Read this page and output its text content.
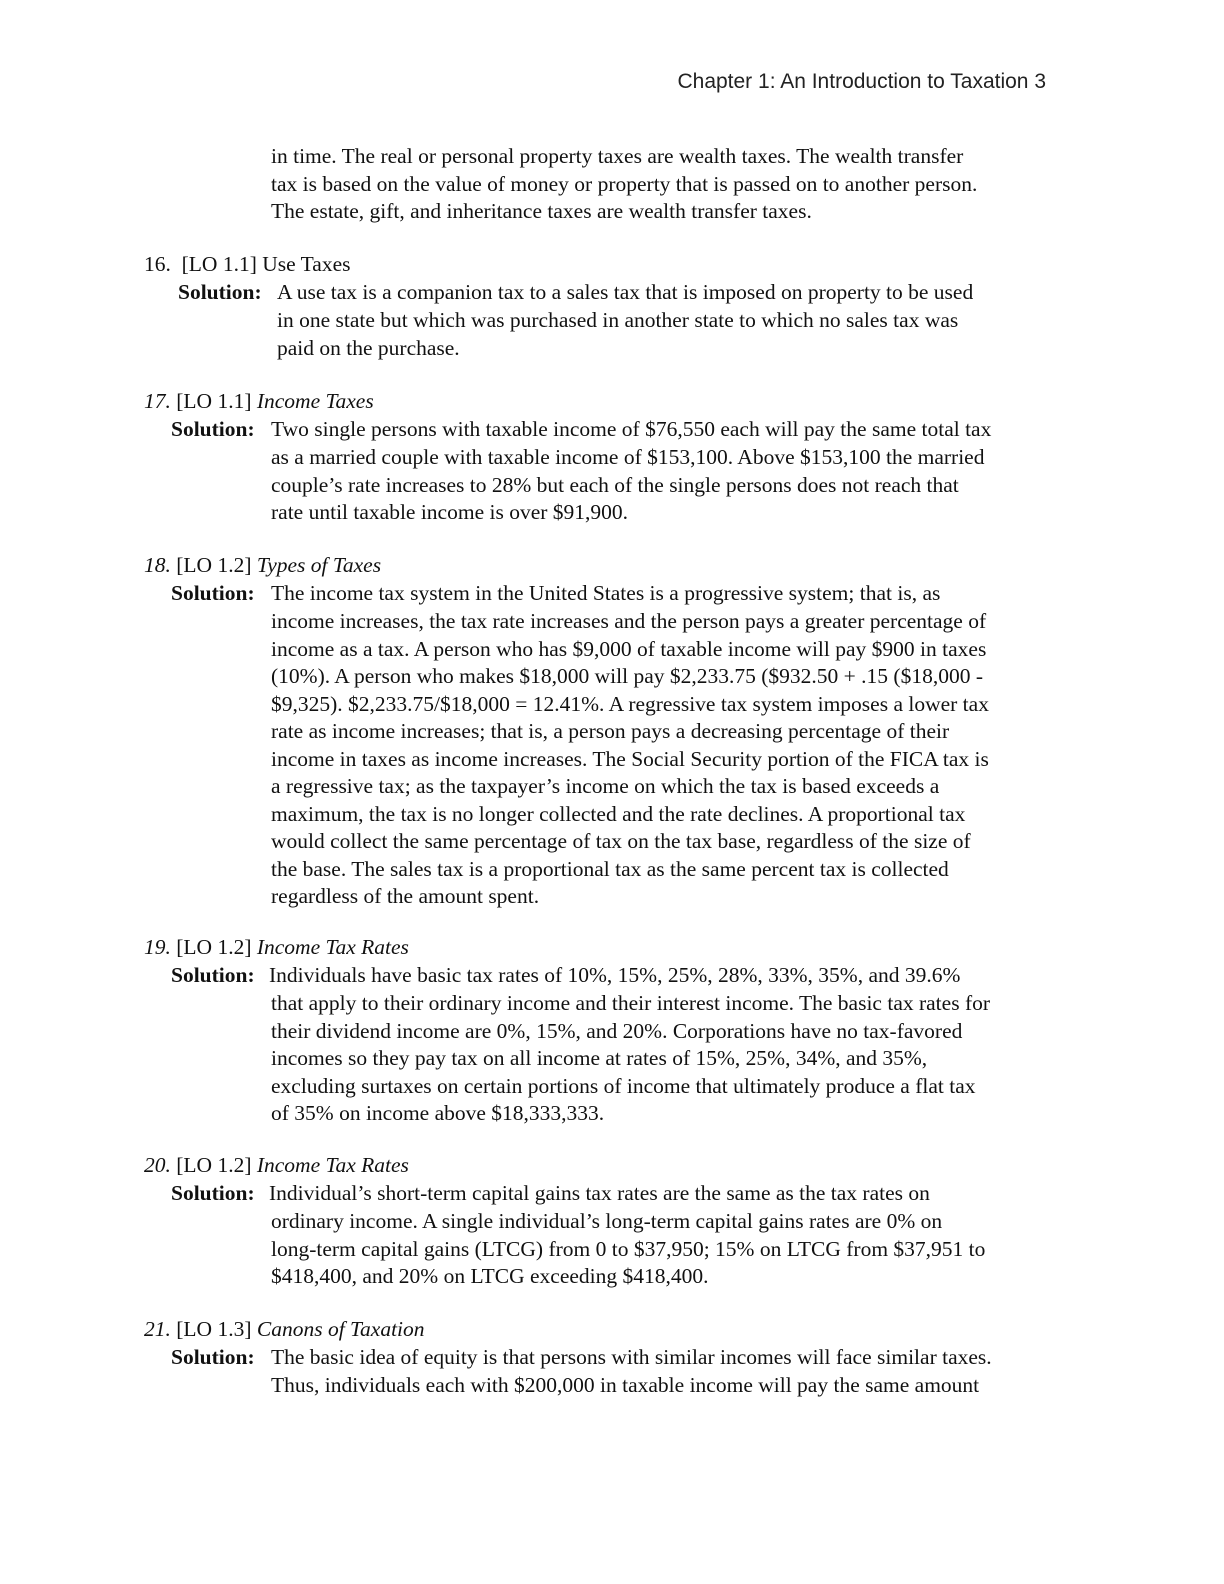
Chapter 1: An Introduction to Taxation 3
in time. The real or personal property taxes are wealth taxes. The wealth transfer
tax is based on the value of money or property that is passed on to another person.
The estate, gift, and inheritance taxes are wealth transfer taxes.
16. [LO 1.1] Use Taxes
Solution: A use tax is a companion tax to a sales tax that is imposed on property to be used
in one state but which was purchased in another state to which no sales tax was
paid on the purchase.
17. [LO 1.1] Income Taxes
Solution: Two single persons with taxable income of $76,550 each will pay the same total tax
as a married couple with taxable income of $153,100. Above $153,100 the married
couple’s rate increases to 28% but each of the single persons does not reach that
rate until taxable income is over $91,900.
18. [LO 1.2] Types of Taxes
Solution: The income tax system in the United States is a progressive system; that is, as
income increases, the tax rate increases and the person pays a greater percentage of
income as a tax. A person who has $9,000 of taxable income will pay $900 in taxes
(10%). A person who makes $18,000 will pay $2,233.75 ($932.50 + .15 ($18,000 -
$9,325). $2,233.75/$18,000 = 12.41%. A regressive tax system imposes a lower tax
rate as income increases; that is, a person pays a decreasing percentage of their
income in taxes as income increases. The Social Security portion of the FICA tax is
a regressive tax; as the taxpayer’s income on which the tax is based exceeds a
maximum, the tax is no longer collected and the rate declines. A proportional tax
would collect the same percentage of tax on the tax base, regardless of the size of
the base. The sales tax is a proportional tax as the same percent tax is collected
regardless of the amount spent.
19. [LO 1.2] Income Tax Rates
Solution: Individuals have basic tax rates of 10%, 15%, 25%, 28%, 33%, 35%, and 39.6%
that apply to their ordinary income and their interest income. The basic tax rates for
their dividend income are 0%, 15%, and 20%. Corporations have no tax-favored
incomes so they pay tax on all income at rates of 15%, 25%, 34%, and 35%,
excluding surtaxes on certain portions of income that ultimately produce a flat tax
of 35% on income above $18,333,333.
20. [LO 1.2] Income Tax Rates
Solution: Individual’s short-term capital gains tax rates are the same as the tax rates on
ordinary income. A single individual’s long-term capital gains rates are 0% on
long-term capital gains (LTCG) from 0 to $37,950; 15% on LTCG from $37,951 to
$418,400, and 20% on LTCG exceeding $418,400.
21. [LO 1.3] Canons of Taxation
Solution: The basic idea of equity is that persons with similar incomes will face similar taxes.
Thus, individuals each with $200,000 in taxable income will pay the same amount
